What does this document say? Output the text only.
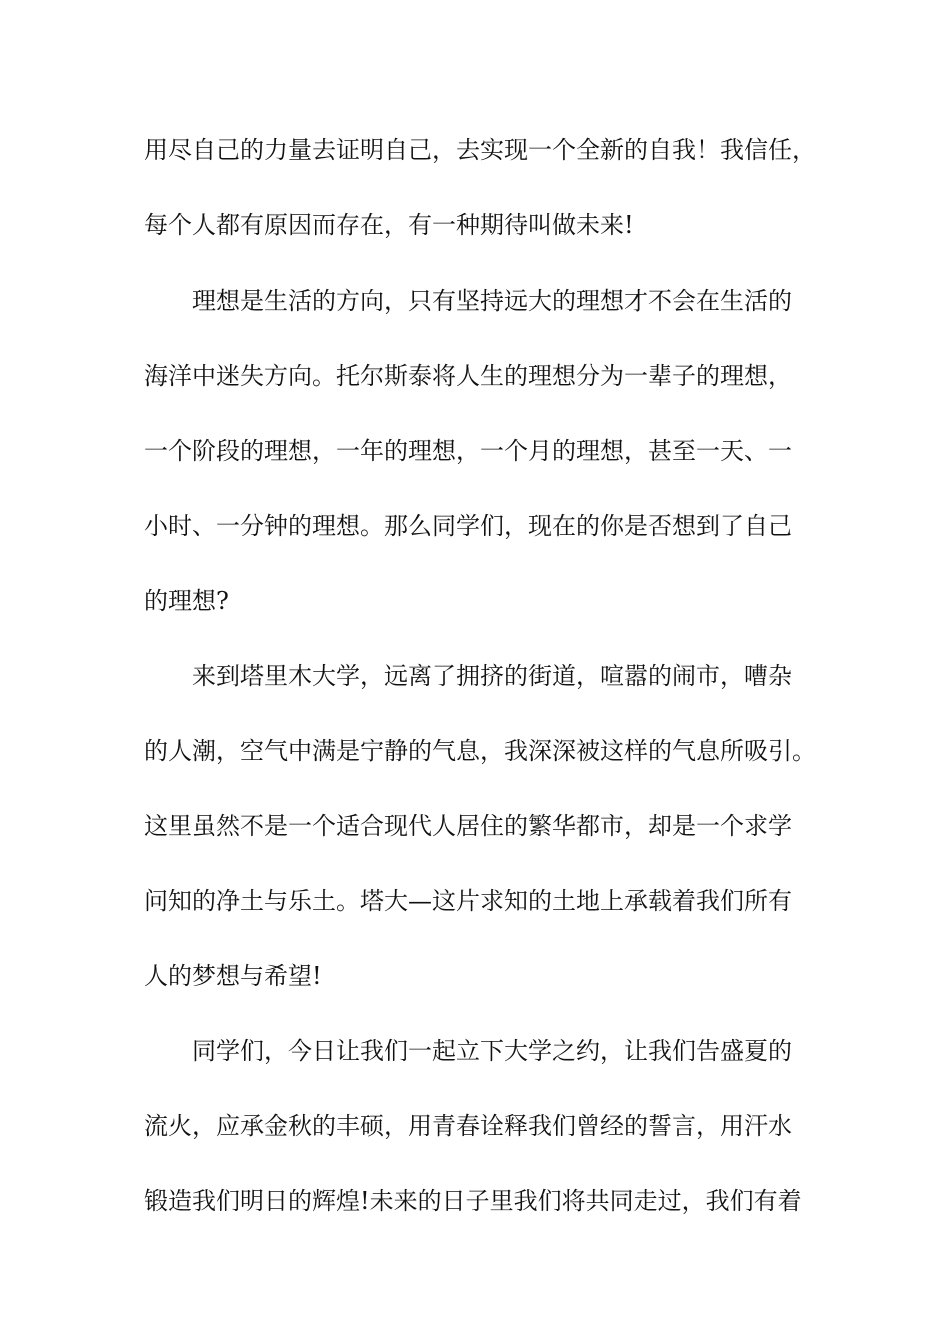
用尽自己的力量去证明自己，去实现一个全新的自我！我信任，
每个人都有原因而存在，有一种期待叫做未来!
理想是生活的方向，只有坚持远大的理想才不会在生活的
海洋中迷失方向。托尔斯泰将人生的理想分为一辈子的理想，
一个阶段的理想，一年的理想，一个月的理想，甚至一天、一
小时、一分钟的理想。那么同学们，现在的你是否想到了自己
的理想?
来到塔里木大学，远离了拥挤的街道，喧嚣的闹市，嘈杂
的人潮，空气中满是宁静的气息，我深深被这样的气息所吸引。
这里虽然不是一个适合现代人居住的繁华都市，却是一个求学
问知的净土与乐土。塔大—这片求知的土地上承载着我们所有
人的梦想与希望!
同学们，今日让我们一起立下大学之约，让我们告盛夏的
流火，应承金秋的丰硕，用青春诠释我们曾经的誓言，用汗水
锻造我们明日的辉煌!未来的日子里我们将共同走过，我们有着
